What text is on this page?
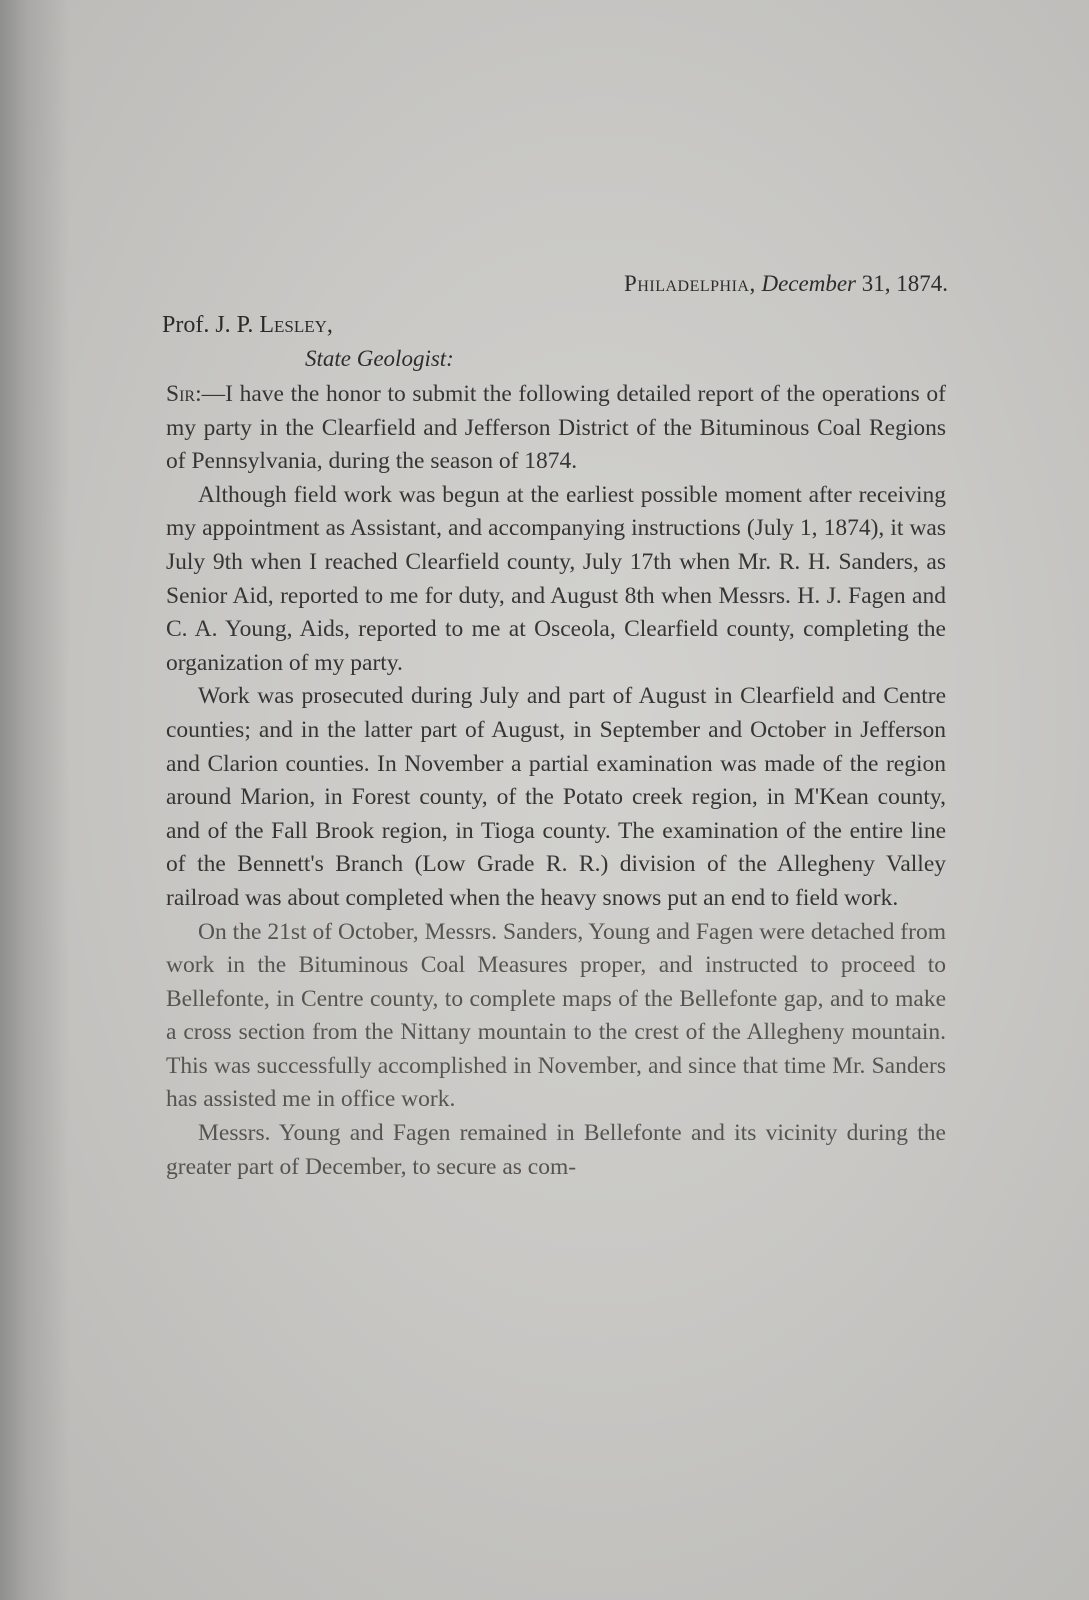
Philadelphia, December 31, 1874.
Prof. J. P. Lesley,
State Geologist:

Sir:—I have the honor to submit the following detailed report of the operations of my party in the Clearfield and Jefferson District of the Bituminous Coal Regions of Pennsylvania, during the season of 1874.

Although field work was begun at the earliest possible moment after receiving my appointment as Assistant, and accompanying instructions (July 1, 1874), it was July 9th when I reached Clearfield county, July 17th when Mr. R. H. Sanders, as Senior Aid, reported to me for duty, and August 8th when Messrs. H. J. Fagen and C. A. Young, Aids, reported to me at Osceola, Clearfield county, completing the organization of my party.

Work was prosecuted during July and part of August in Clearfield and Centre counties; and in the latter part of August, in September and October in Jefferson and Clarion counties. In November a partial examination was made of the region around Marion, in Forest county, of the Potato creek region, in M'Kean county, and of the Fall Brook region, in Tioga county. The examination of the entire line of the Bennett's Branch (Low Grade R. R.) division of the Allegheny Valley railroad was about completed when the heavy snows put an end to field work.

On the 21st of October, Messrs. Sanders, Young and Fagen were detached from work in the Bituminous Coal Measures proper, and instructed to proceed to Bellefonte, in Centre county, to complete maps of the Bellefonte gap, and to make a cross section from the Nittany mountain to the crest of the Allegheny mountain. This was successfully accomplished in November, and since that time Mr. Sanders has assisted me in office work.

Messrs. Young and Fagen remained in Bellefonte and its vicinity during the greater part of December, to secure as com-
